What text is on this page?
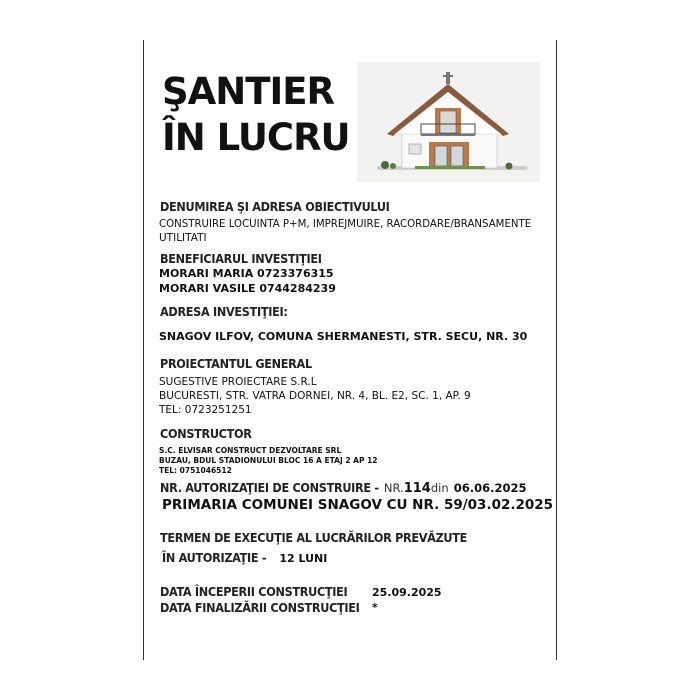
ŞANTIER
ÎN LUCRU
DENUMIREA ŞI ADRESA OBIECTIVULUI
CONSTRUIRE LOCUINTA P+M, IMPREJMUIRE, RACORDARE/BRANSAMENTE
UTILITATI
BENEFICIARUL INVESTIŢIEI
MORARI MARIA 0723376315
MORARI VASILE 0744284239
ADRESA INVESTIŢIEI:
SNAGOV ILFOV, COMUNA SHERMANESTI, STR. SECU, NR. 30
PROIECTANTUL GENERAL
SUGESTIVE PROIECTARE S.R.L
BUCURESTI, STR. VATRA DORNEI, NR. 4, BL. E2, SC. 1, AP. 9
TEL: 0723251251
CONSTRUCTOR
S.C. ELVISAR CONSTRUCT DEZVOLTARE SRL
BUZAU, BDUL STADIONULUI BLOC 16 A ETAJ 2 AP 12
TEL: 0751046512
NR. AUTORIZAŢIEI DE CONSTRUIRE - NR.114din 06.06.2025
PRIMARIA COMUNEI SNAGOV CU NR. 59/03.02.2025
TERMEN DE EXECUŢIE AL LUCRĂRILOR PREVĂZUTE
ÎN AUTORIZAŢIE - 12 LUNI
DATA ÎNCEPERII CONSTRUCŢIEI 25.09.2025
DATA FINALIZĂRII CONSTRUCŢIEI *
